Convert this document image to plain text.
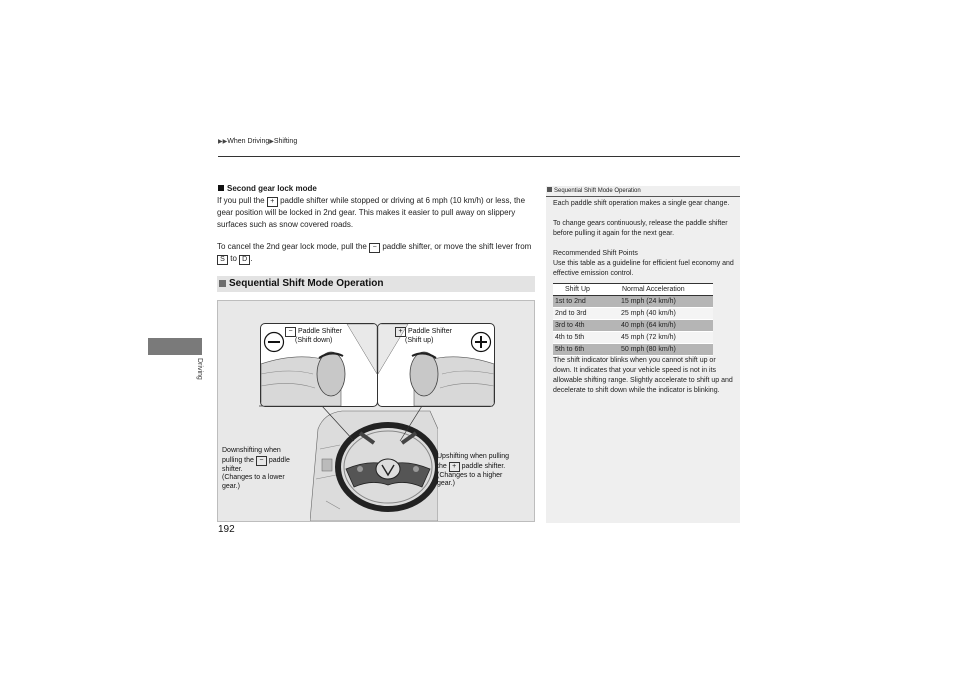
▶▶When Driving▶Shifting
Driving
Second gear lock mode
If you pull the + paddle shifter while stopped or driving at 6 mph (10 km/h) or less, the gear position will be locked in 2nd gear. This makes it easier to pull away on slippery surfaces such as snow covered roads.
To cancel the 2nd gear lock mode, pull the − paddle shifter, or move the shift lever from S to D .
Sequential Shift Mode Operation
− Paddle Shifter
(Shift down)
+ Paddle Shifter
(Shift up)
Downshifting when
pulling the − paddle
shifter.
(Changes to a lower
gear.)
Upshifting when pulling
the + paddle shifter.
(Changes to a higher
gear.)
Sequential Shift Mode Operation
Each paddle shift operation makes a single gear change.
To change gears continuously, release the paddle shifter before pulling it again for the next gear.
Recommended Shift Points
Use this table as a guideline for efficient fuel economy and effective emission control.
Shift Up	Normal Acceleration
1st to 2nd	15 mph (24 km/h)
2nd to 3rd	25 mph (40 km/h)
3rd to 4th	40 mph (64 km/h)
4th to 5th	45 mph (72 km/h)
5th to 6th	50 mph (80 km/h)
The shift indicator blinks when you cannot shift up or down. It indicates that your vehicle speed is not in its allowable shifting range. Slightly accelerate to shift up and decelerate to shift down while the indicator is blinking.
192
